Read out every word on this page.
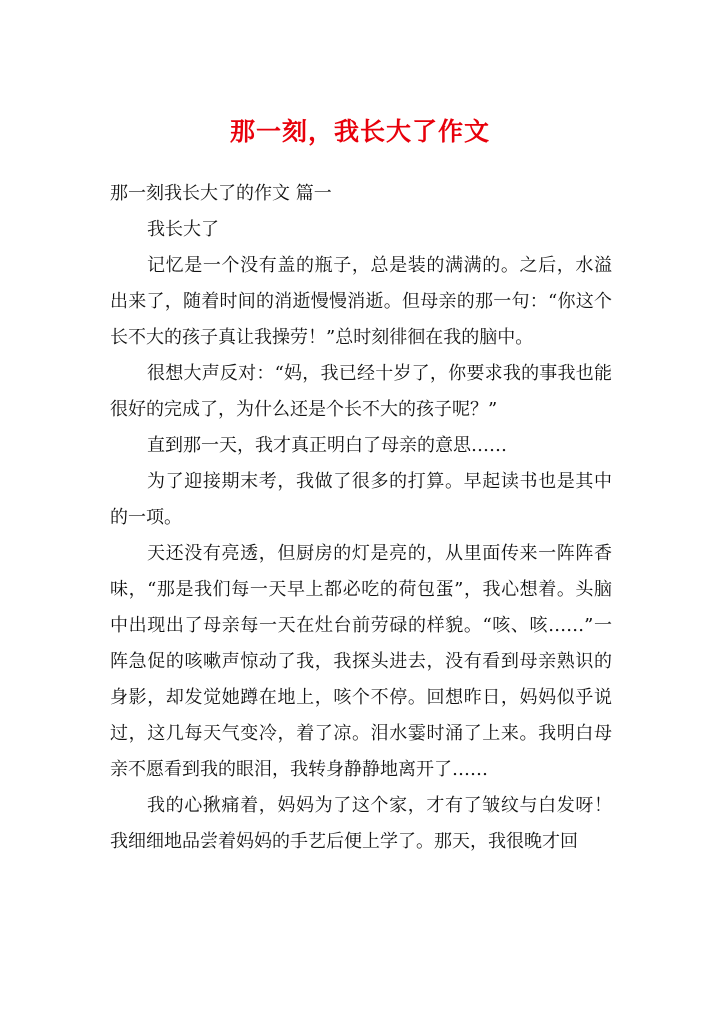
那一刻，我长大了作文

那一刻我长大了的作文 篇一

我长大了

记忆是一个没有盖的瓶子，总是装的满满的。之后，水溢出来了，随着时间的消逝慢慢消逝。但母亲的那一句：“你这个长不大的孩子真让我操劳！”总时刻徘徊在我的脑中。

很想大声反对：“妈，我已经十岁了，你要求我的事我也能很好的完成了，为什么还是个长不大的孩子呢？”

直到那一天，我才真正明白了母亲的意思……

为了迎接期末考，我做了很多的打算。早起读书也是其中的一项。

天还没有亮透，但厨房的灯是亮的，从里面传来一阵阵香味，“那是我们每一天早上都必吃的荷包蛋”，我心想着。头脑中出现出了母亲每一天在灶台前劳碌的样貌。“咳、咳……”一阵急促的咳嗽声惊动了我，我探头进去，没有看到母亲熟识的身影，却发觉她蹲在地上，咳个不停。回想昨日，妈妈似乎说过，这几每天气变冷，着了凉。泪水霎时涌了上来。我明白母亲不愿看到我的眼泪，我转身静静地离开了……

我的心揪痛着，妈妈为了这个家，才有了皱纹与白发呀！我细细地品尝着妈妈的手艺后便上学了。那天，我很晚才回
